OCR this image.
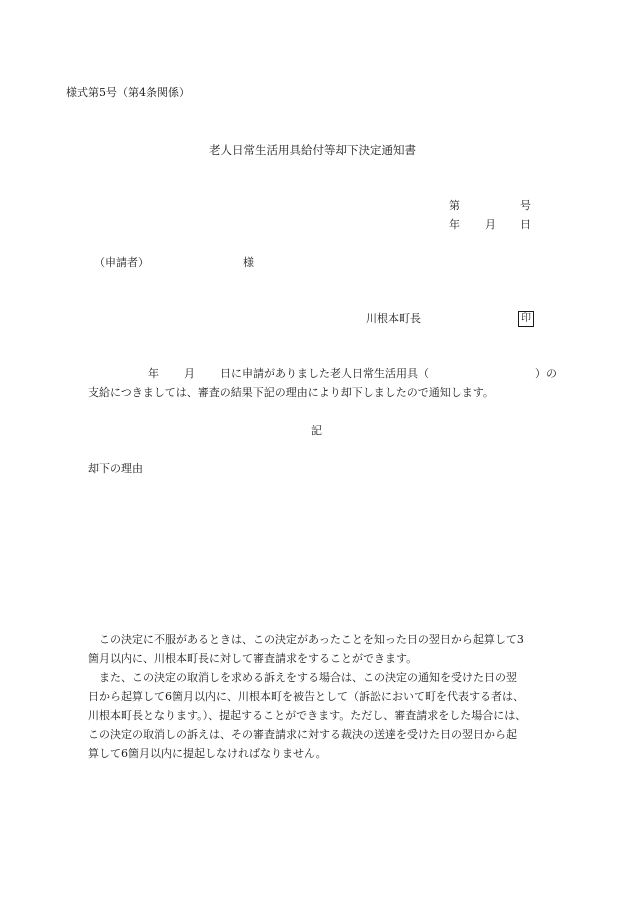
様式第5号（第4条関係）
老人日常生活用具給付等却下決定通知書
第	号
年 月 日
（申請者）	様
川根本町長	印
年 月 日に申請がありました老人日常生活用具（	）の
支給につきましては、審査の結果下記の理由により却下しましたので通知します。
記
却下の理由
この決定に不服があるときは、この決定があったことを知った日の翌日から起算して3
箇月以内に、川根本町長に対して審査請求をすることができます。
また、この決定の取消しを求める訴えをする場合は、この決定の通知を受けた日の翌
日から起算して6箇月以内に、川根本町を被告として（訴訟において町を代表する者は、
川根本町長となります。）、提起することができます。ただし、審査請求をした場合には、
この決定の取消しの訴えは、その審査請求に対する裁決の送達を受けた日の翌日から起
算して6箇月以内に提起しなければなりません。
